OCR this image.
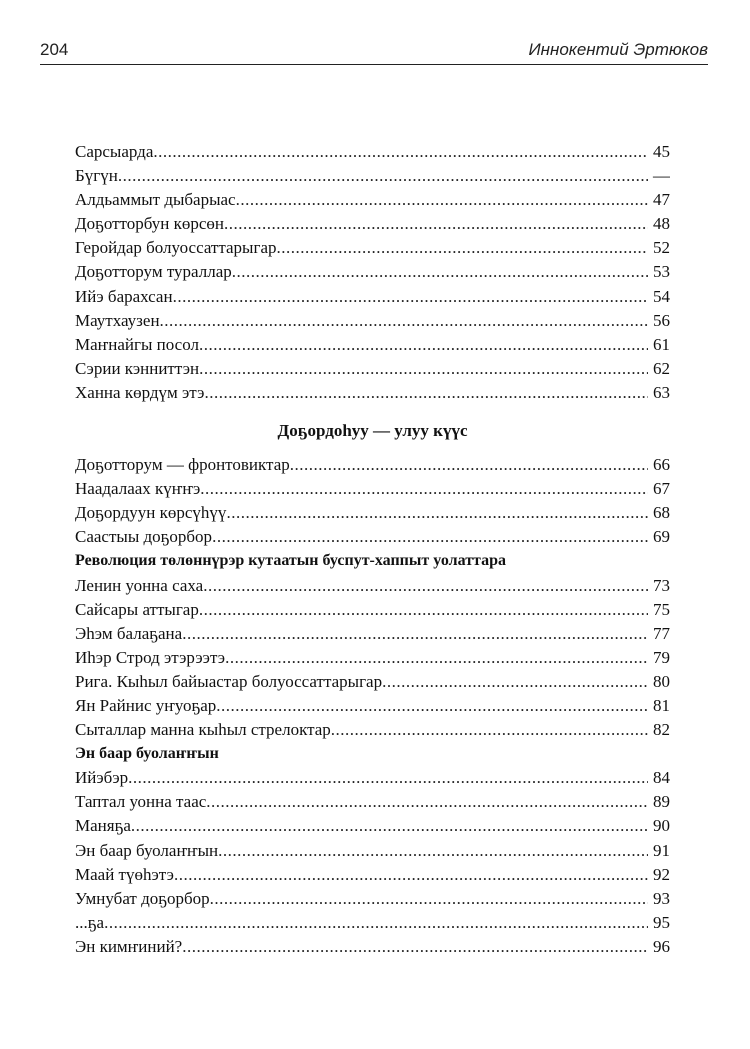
204	Иннокентий Эртюков
Сарсыарда .....	45
Бүгүн .....	—
Алдьаммыт дыбарыас .....	47
Доҕотторбун көрсөн .....	48
Геройдар болуоссаттарыгар .....	52
Доҕотторум тураллар .....	53
Ийэ барахсан .....	54
Маутхаузен .....	56
Маҥнайгы посол .....	61
Сэрии кэнниттэн .....	62
Ханна көрдүм этэ .....	63
Доҕордоһуу — улуу күүс
Доҕотторум — фронтовиктар .....	66
Наадалаах күҥҥэ .....	67
Доҕордуун көрсүһүү .....	68
Саастыы доҕорбор .....	69
Революция төлөннүрэр кутаатын буспут-хаппыт уолаттара
Ленин уонна саха .....	73
Сайсары аттыгар .....	75
Эһэм балаҕана .....	77
Иһэр Строд этэрээтэ .....	79
Рига. Кыһыл байыастар болуоссаттарыгар .....	80
Ян Райнис уҥуоҕар .....	81
Сыталлар манна кыһыл стрелоктар .....	82
Эн баар буолаҥҥын
Ийэбэр .....	84
Таптал уонна таас .....	89
Маняҕа .....	90
Эн баар буолаҥҥын .....	91
Маай түөһэтэ .....	92
Умнубат доҕорбор .....	93
...ҕа .....	95
Эн кимҥиний? .....	96
